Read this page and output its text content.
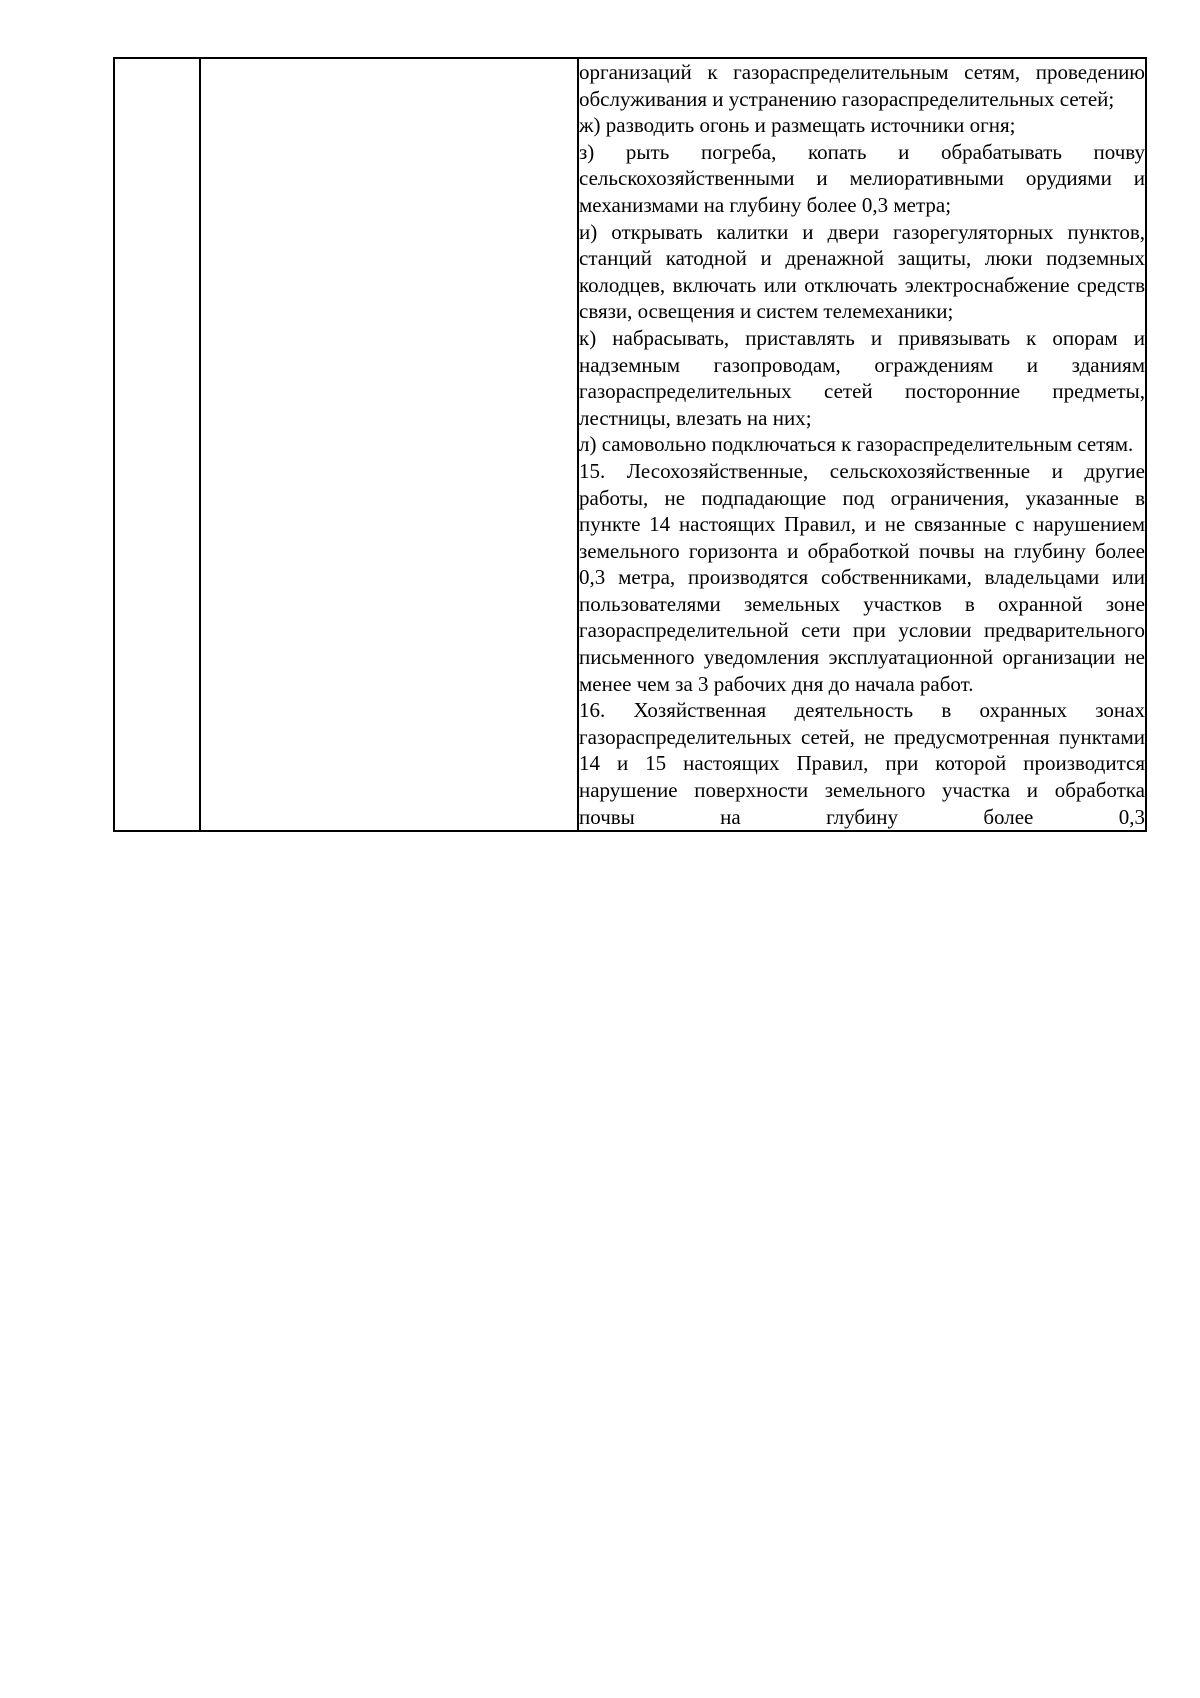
организаций к газораспределительным сетям, проведению обслуживания и устранению газораспределительных сетей;

ж) разводить огонь и размещать источники огня;

з) рыть погреба, копать и обрабатывать почву сельскохозяйственными и мелиоративными орудиями и механизмами на глубину более 0,3 метра;

и) открывать калитки и двери газорегуляторных пунктов, станций катодной и дренажной защиты, люки подземных колодцев, включать или отключать электроснабжение средств связи, освещения и систем телемеханики;

к) набрасывать, приставлять и привязывать к опорам и надземным газопроводам, ограждениям и зданиям газораспределительных сетей посторонние предметы, лестницы, влезать на них;

л) самовольно подключаться к газораспределительным сетям.

15. Лесохозяйственные, сельскохозяйственные и другие работы, не подпадающие под ограничения, указанные в пункте 14 настоящих Правил, и не связанные с нарушением земельного горизонта и обработкой почвы на глубину более 0,3 метра, производятся собственниками, владельцами или пользователями земельных участков в охранной зоне газораспределительной сети при условии предварительного письменного уведомления эксплуатационной организации не менее чем за 3 рабочих дня до начала работ.

16. Хозяйственная деятельность в охранных зонах газораспределительных сетей, не предусмотренная пунктами 14 и 15 настоящих Правил, при которой производится нарушение поверхности земельного участка и обработка почвы на глубину более 0,3
